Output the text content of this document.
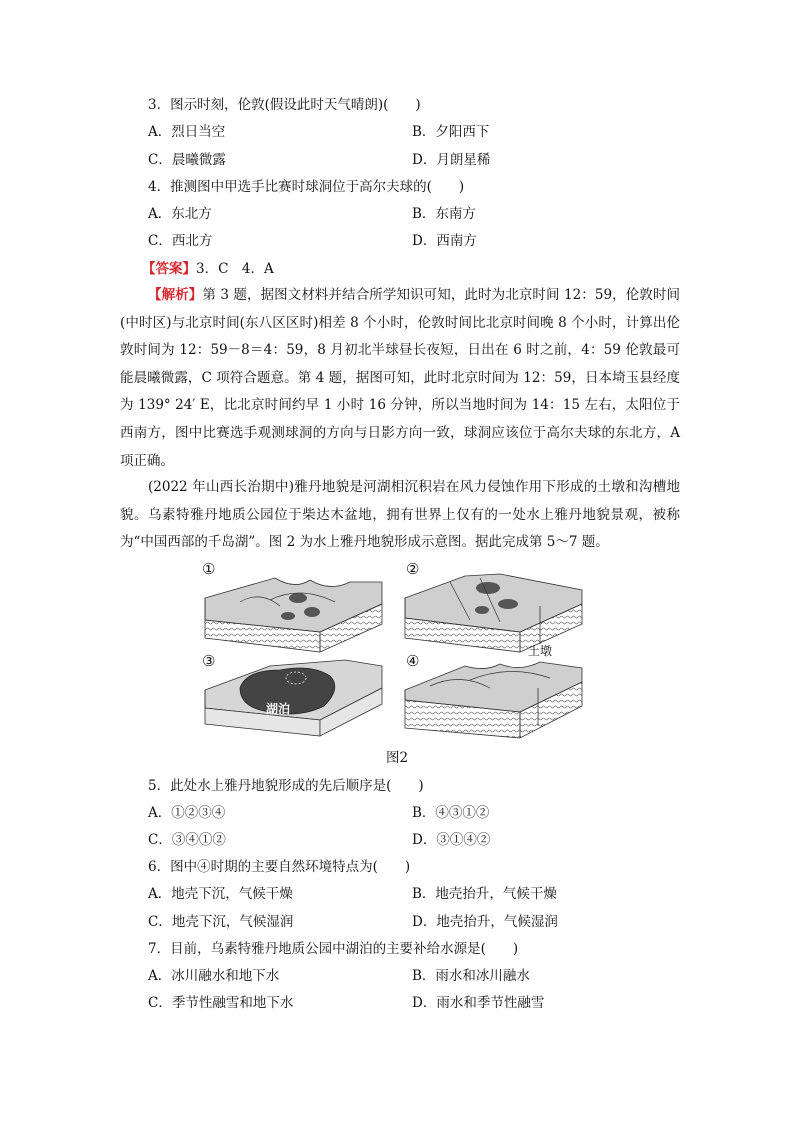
3．图示时刻，伦敦(假设此时天气晴朗)(　　)
A．烈日当空	B．夕阳西下
C．晨曦微露	D．月朗星稀
4．推测图中甲选手比赛时球洞位于高尔夫球的(　　)
A．东北方	B．东南方
C．西北方	D．西南方
【答案】3．C　4．A
【解析】第 3 题，据图文材料并结合所学知识可知，此时为北京时间 12：59，伦敦时间(中时区)与北京时间(东八区区时)相差 8 个小时，伦敦时间比北京时间晚 8 个小时，计算出伦敦时间为 12：59－8＝4：59，8 月初北半球昼长夜短，日出在 6 时之前，4：59 伦敦最可能晨曦微露，C 项符合题意。第 4 题，据图可知，此时北京时间为 12：59，日本埼玉县经度为 139° 24′ E，比北京时间约早 1 小时 16 分钟，所以当地时间为 14：15 左右，太阳位于西南方，图中比赛选手观测球洞的方向与日影方向一致，球洞应该位于高尔夫球的东北方，A 项正确。
(2022 年山西长治期中)雅丹地貌是河湖相沉积岩在风力侵蚀作用下形成的土墩和沟槽地貌。乌素特雅丹地质公园位于柴达木盆地，拥有世界上仅有的一处水上雅丹地貌景观，被称为“中国西部的千岛湖”。图 2 为水上雅丹地貌形成示意图。据此完成第 5～7 题。
①	②
③	④
土墩
湖泊
图2
5．此处水上雅丹地貌形成的先后顺序是(　　)
A．①②③④	B．④③①②
C．③④①②	D．③①④②
6．图中④时期的主要自然环境特点为(　　)
A．地壳下沉，气候干燥	B．地壳抬升，气候干燥
C．地壳下沉，气候湿润	D．地壳抬升，气候湿润
7．目前，乌素特雅丹地质公园中湖泊的主要补给水源是(　　)
A．冰川融水和地下水	B．雨水和冰川融水
C．季节性融雪和地下水	D．雨水和季节性融雪
